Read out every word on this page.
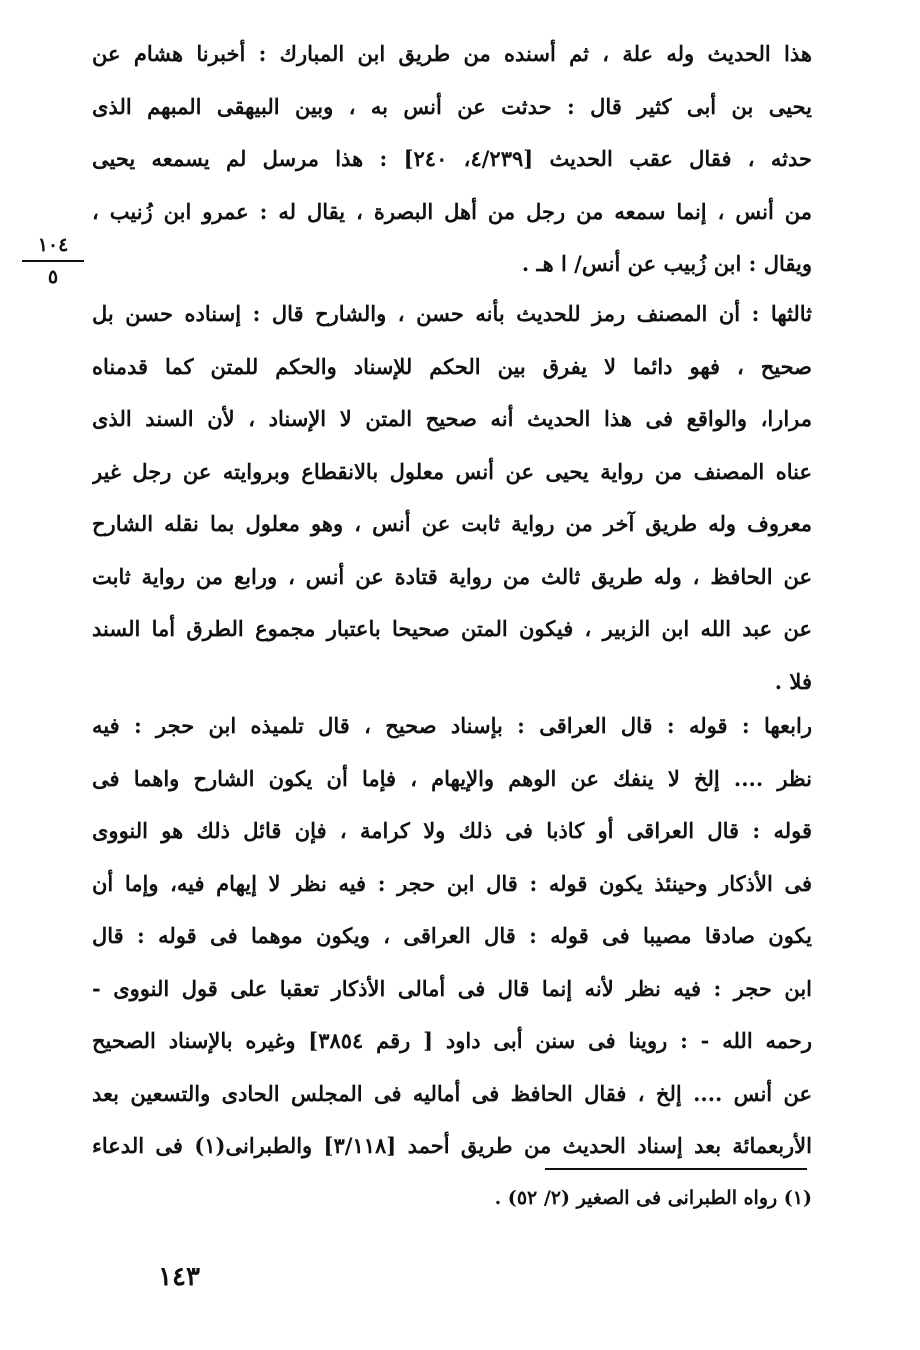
هذا الحديث وله علة ، ثم أسنده من طريق ابن المبارك : أخبرنا هشام عن
يحيى بن أبى كثير قال : حدثت عن أنس به ، وبين البيهقى المبهم الذى
حدثه ، فقال عقب الحديث [٤/٢٣٩، ٢٤٠] : هذا مرسل لم يسمعه يحيى
من أنس ، إنما سمعه من رجل من أهل البصرة ، يقال له : عمرو ابن زُنيب ،
ويقال : ابن زُبيب عن أنس/ ا هـ .
١٠٤
٥
ثالثها : أن المصنف رمز للحديث بأنه حسن ، والشارح قال : إسناده حسن بل
صحيح ، فهو دائما لا يفرق بين الحكم للإسناد والحكم للمتن كما قدمناه
مرارا، والواقع فى هذا الحديث أنه صحيح المتن لا الإسناد ، لأن السند الذى
عناه المصنف من رواية يحيى عن أنس معلول بالانقطاع وبروايته عن رجل غير
معروف وله طريق آخر من رواية ثابت عن أنس ، وهو معلول بما نقله الشارح
عن الحافظ ، وله طريق ثالث من رواية قتادة عن أنس ، ورابع من رواية ثابت
عن عبد الله ابن الزبير ، فيكون المتن صحيحا باعتبار مجموع الطرق أما السند
فلا .
رابعها : قوله : قال العراقى : بإسناد صحيح ، قال تلميذه ابن حجر : فيه
نظر .... إلخ لا ينفك عن الوهم والإيهام ، فإما أن يكون الشارح واهما فى
قوله : قال العراقى أو كاذبا فى ذلك ولا كرامة ، فإن قائل ذلك هو النووى
فى الأذكار وحينئذ يكون قوله : قال ابن حجر : فيه نظر لا إيهام فيه، وإما أن
يكون صادقا مصيبا فى قوله : قال العراقى ، ويكون موهما فى قوله : قال
ابن حجر : فيه نظر لأنه إنما قال فى أمالى الأذكار تعقبا على قول النووى -
رحمه الله - : روينا فى سنن أبى داود [ رقم ٣٨٥٤] وغيره بالإسناد الصحيح
عن أنس .... إلخ ، فقال الحافظ فى أماليه فى المجلس الحادى والتسعين بعد
الأربعمائة بعد إسناد الحديث من طريق أحمد [٣/١١٨] والطبرانى(١) فى الدعاء
(١) رواه الطبرانى فى الصغير (٢/ ٥٢) .
١٤٣
